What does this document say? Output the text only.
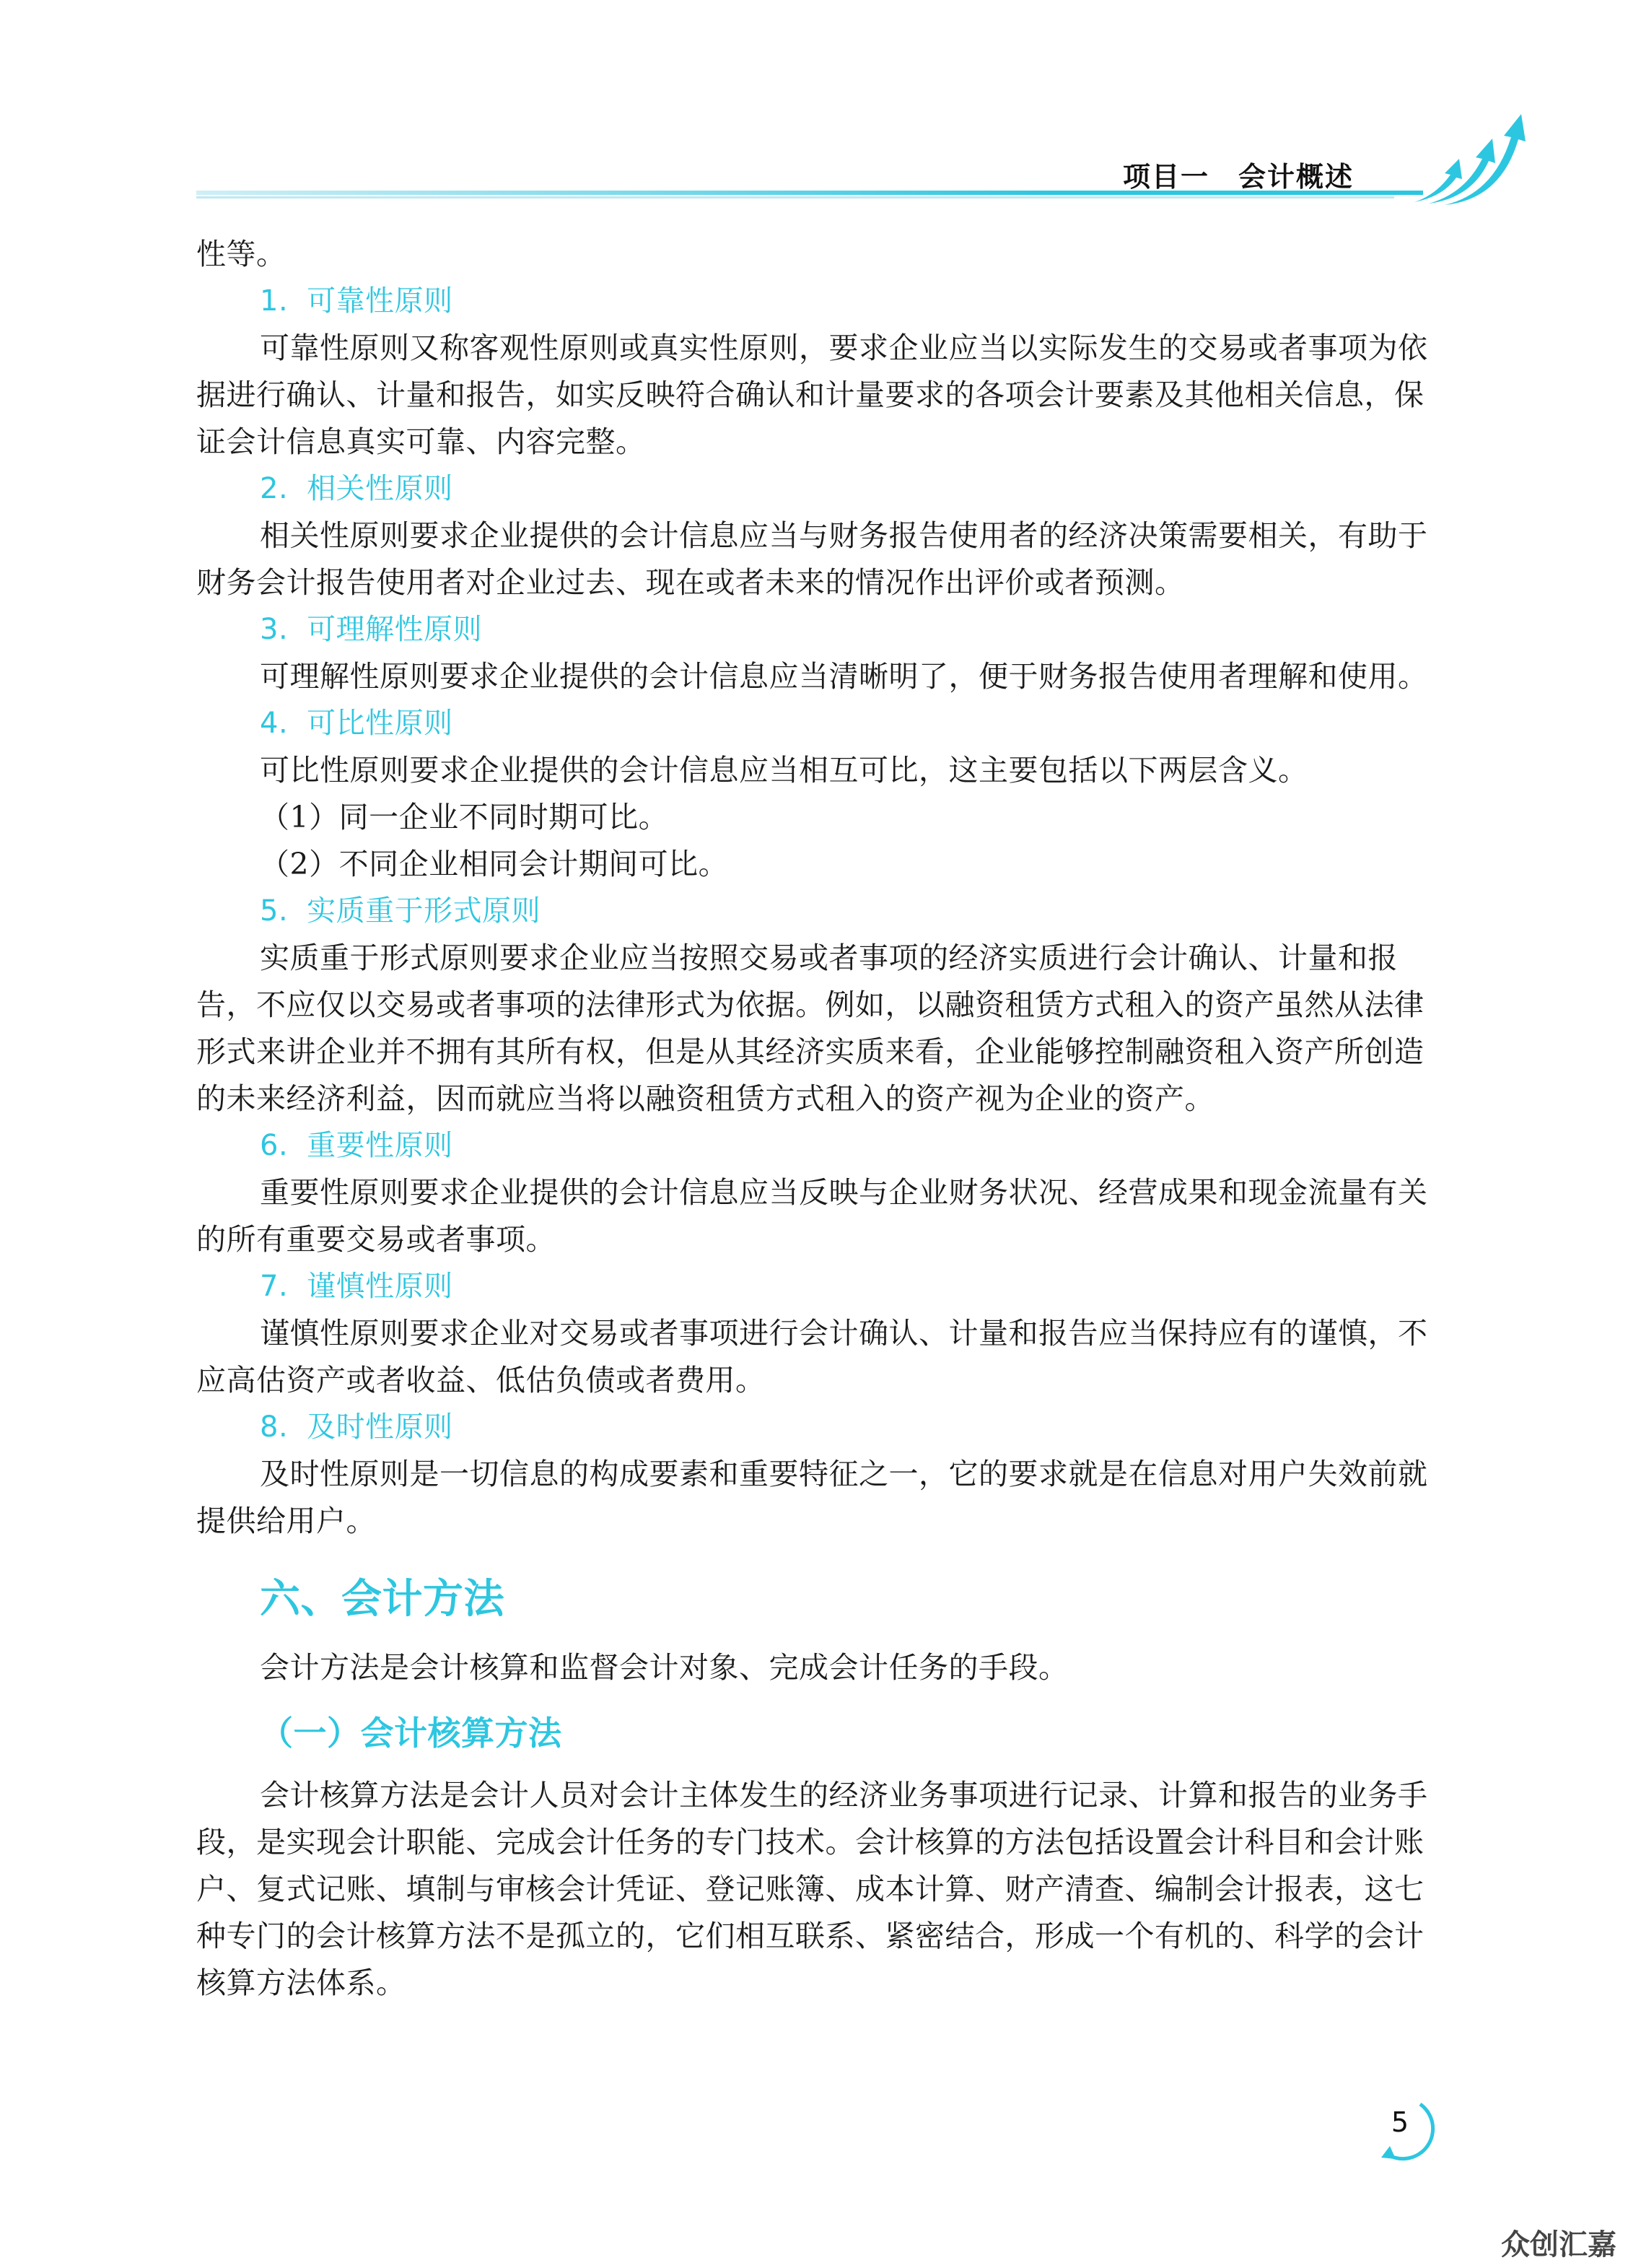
项目一　会计概述

性等。

1. 可靠性原则

可靠性原则又称客观性原则或真实性原则，要求企业应当以实际发生的交易或者事项为依据进行确认、计量和报告，如实反映符合确认和计量要求的各项会计要素及其他相关信息，保证会计信息真实可靠、内容完整。

2. 相关性原则

相关性原则要求企业提供的会计信息应当与财务报告使用者的经济决策需要相关，有助于财务会计报告使用者对企业过去、现在或者未来的情况作出评价或者预测。

3. 可理解性原则

可理解性原则要求企业提供的会计信息应当清晰明了，便于财务报告使用者理解和使用。

4. 可比性原则

可比性原则要求企业提供的会计信息应当相互可比，这主要包括以下两层含义。

（1）同一企业不同时期可比。

（2）不同企业相同会计期间可比。

5. 实质重于形式原则

实质重于形式原则要求企业应当按照交易或者事项的经济实质进行会计确认、计量和报告，不应仅以交易或者事项的法律形式为依据。例如，以融资租赁方式租入的资产虽然从法律形式来讲企业并不拥有其所有权，但是从其经济实质来看，企业能够控制融资租入资产所创造的未来经济利益，因而就应当将以融资租赁方式租入的资产视为企业的资产。

6. 重要性原则

重要性原则要求企业提供的会计信息应当反映与企业财务状况、经营成果和现金流量有关的所有重要交易或者事项。

7. 谨慎性原则

谨慎性原则要求企业对交易或者事项进行会计确认、计量和报告应当保持应有的谨慎，不应高估资产或者收益、低估负债或者费用。

8. 及时性原则

及时性原则是一切信息的构成要素和重要特征之一，它的要求就是在信息对用户失效前就提供给用户。

六、会计方法

会计方法是会计核算和监督会计对象、完成会计任务的手段。

（一）会计核算方法

会计核算方法是会计人员对会计主体发生的经济业务事项进行记录、计算和报告的业务手段，是实现会计职能、完成会计任务的专门技术。会计核算的方法包括设置会计科目和会计账户、复式记账、填制与审核会计凭证、登记账簿、成本计算、财产清查、编制会计报表，这七种专门的会计核算方法不是孤立的，它们相互联系、紧密结合，形成一个有机的、科学的会计核算方法体系。

5
众创汇嘉
